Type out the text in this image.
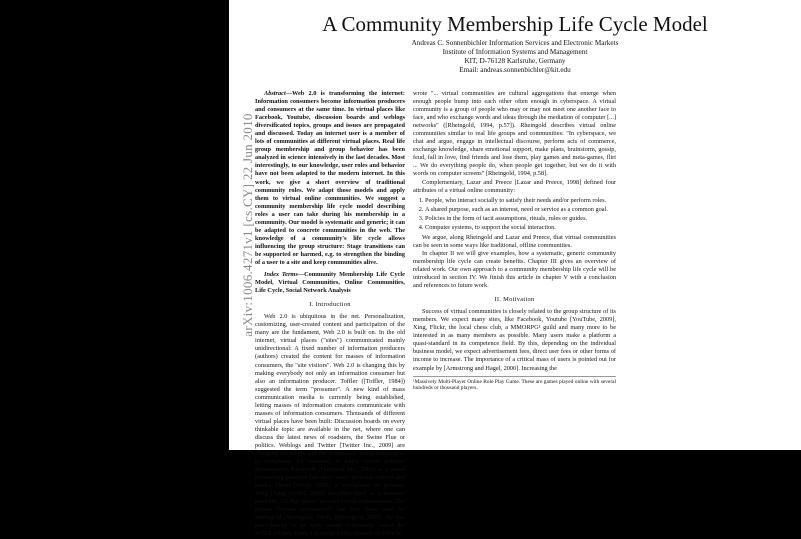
arXiv:1006.4271v1 [cs.CY] 22 Jun 2010
A Community Membership Life Cycle Model
Andreas C. Sonnenbichler Information Services and Electronic Markets
Institute of Information Systems and Management
KIT, D-76128 Karlsruhe, Germany
Email: andreas.sonnenbichler@kit.edu

Abstract—Web 2.0 is transforming the internet: Information consumers become information producers and consumers at the same time. In virtual places like Facebook, Youtube, discussion boards and weblogs diversificated topics, groups and issues are propagated and discussed. Today an internet user is a member of lots of communities at different virtual places. Real life group membership and group behavior has been analyzed in science intensively in the last decades. Most interestingly, to our knowledge, user roles and behavior have not been adapted to the modern internet. In this work, we give a short overview of traditional community roles. We adapt those models and apply them to virtual online communities. We suggest a community membership life cycle model describing roles a user can take during his membership in a community. Our model is systematic and generic; it can be adapted to concrete communities in the web. The knowledge of a community's life cycle allows influencing the group structure: Stage transitions can be supported or harmed, e.g. to strengthen the binding of a user to a site and keep communities alive.

Index Terms—Community Membership Life Cycle Model, Virtual Communities, Online Communities, Life Cycle, Social Network Analysis

I. Introduction

Web 2.0 is ubiquitous in the net. Personalization, customizing, user-created content and participation of the many are the fundament, Web 2.0 is built on. In the old internet, virtual places ("sites") communicated mainly unidirectional: A fixed number of information producers (authors) created the content for masses of information consumers, the "site visitors". Web 2.0 is changing this by making everybody not only an information consumer but also an information producer. Toffler ([Toffler, 1984]) suggested the term "prosumer". A new kind of mass communication media is currently being established, letting masses of information creators communicate with masses of information consumers. Thousands of different virtual places have been built: Discussion boards on every thinkable topic are available in the net, where one can discuss the latest news of roadsters, the Swine Flue or politics. Weblogs and Twitter [Twitter Inc., 2009] are changing the media and the journalistic world enabling us to participate, for example, in Iran's current political development. Facebook [Facebook Inc., 2009] as a social networking platform lets users share personal content and media. Flickr [Flickr, 2009] is specialized on pictures. Xing [Xing GmbH, 2009] describes itself as a business platform. All this places we call virtual communities. The phrase "virtual community" has first been used by Rheingold [Rheingold, 1994], [Rheingold, 2000]. He was participating in an early online community called the WELL (Whole Earth 'Lectronic Link). Already in 1994 he

wrote "... virtual communities are cultural aggregations that emerge when enough people bump into each other often enough in cyberspace. A virtual community is a group of people who may or may not meet one another face to face, and who exchange words and ideas through the mediation of computer [...] networks" ([Rheingold, 1994, p.57]). Rheingold describes virtual online communities similar to real life groups and communities: "In cyberspace, we chat and argue, engage in intellectual discourse, perform acts of commerce, exchange knowledge, share emotional support, make plans, brainstorm, gossip, feud, fall in love, find friends and lose them, play games and meta-games, flirt ... We do everything people do, when people get together, but we do it with words on computer screens" [Rheingold, 1994, p.58].

Complementary, Lazar and Preece [Lazar and Preece, 1998] defined four attributes of a virtual online community:

1. People, who interact socially to satisfy their needs and/or perform roles.
2. A shared purpose, such as an interest, need or service as a common goal.
3. Policies in the form of tacit assumptions, rituals, rules or guides.
4. Computer systems, to support the social interaction.

We argue, along Rheingold and Lazar and Preece, that virtual communities can be seen in some ways like traditional, offline communities.

In chapter II we will give examples, how a systematic, generic community membership life cycle can create benefits. Chapter III gives an overview of related work. Our own approach to a community membership life cycle will be introduced in section IV. We finish this article in chapter V with a conclusion and references to future work.

II. Motivation

Success of virtual communities is closely related to the group structure of its members. We expect many sites, like Facebook, Youtube [YouTube, 2009], Xing, Flickr, the local chess club, a MMORPG¹ guild and many more to be interested in as many members as possible. Many users make a platform a quasi-standard in its competence field. By this, depending on the individual business model, we expect advertisement fees, direct user fees or other forms of income to increase. The importance of a critical mass of users is pointed out for example by [Armstrong and Hagel, 2000]. Increasing the

¹Massively Multi-Player Online Role Play Game. These are games played online with several hundreds or thousand players.
